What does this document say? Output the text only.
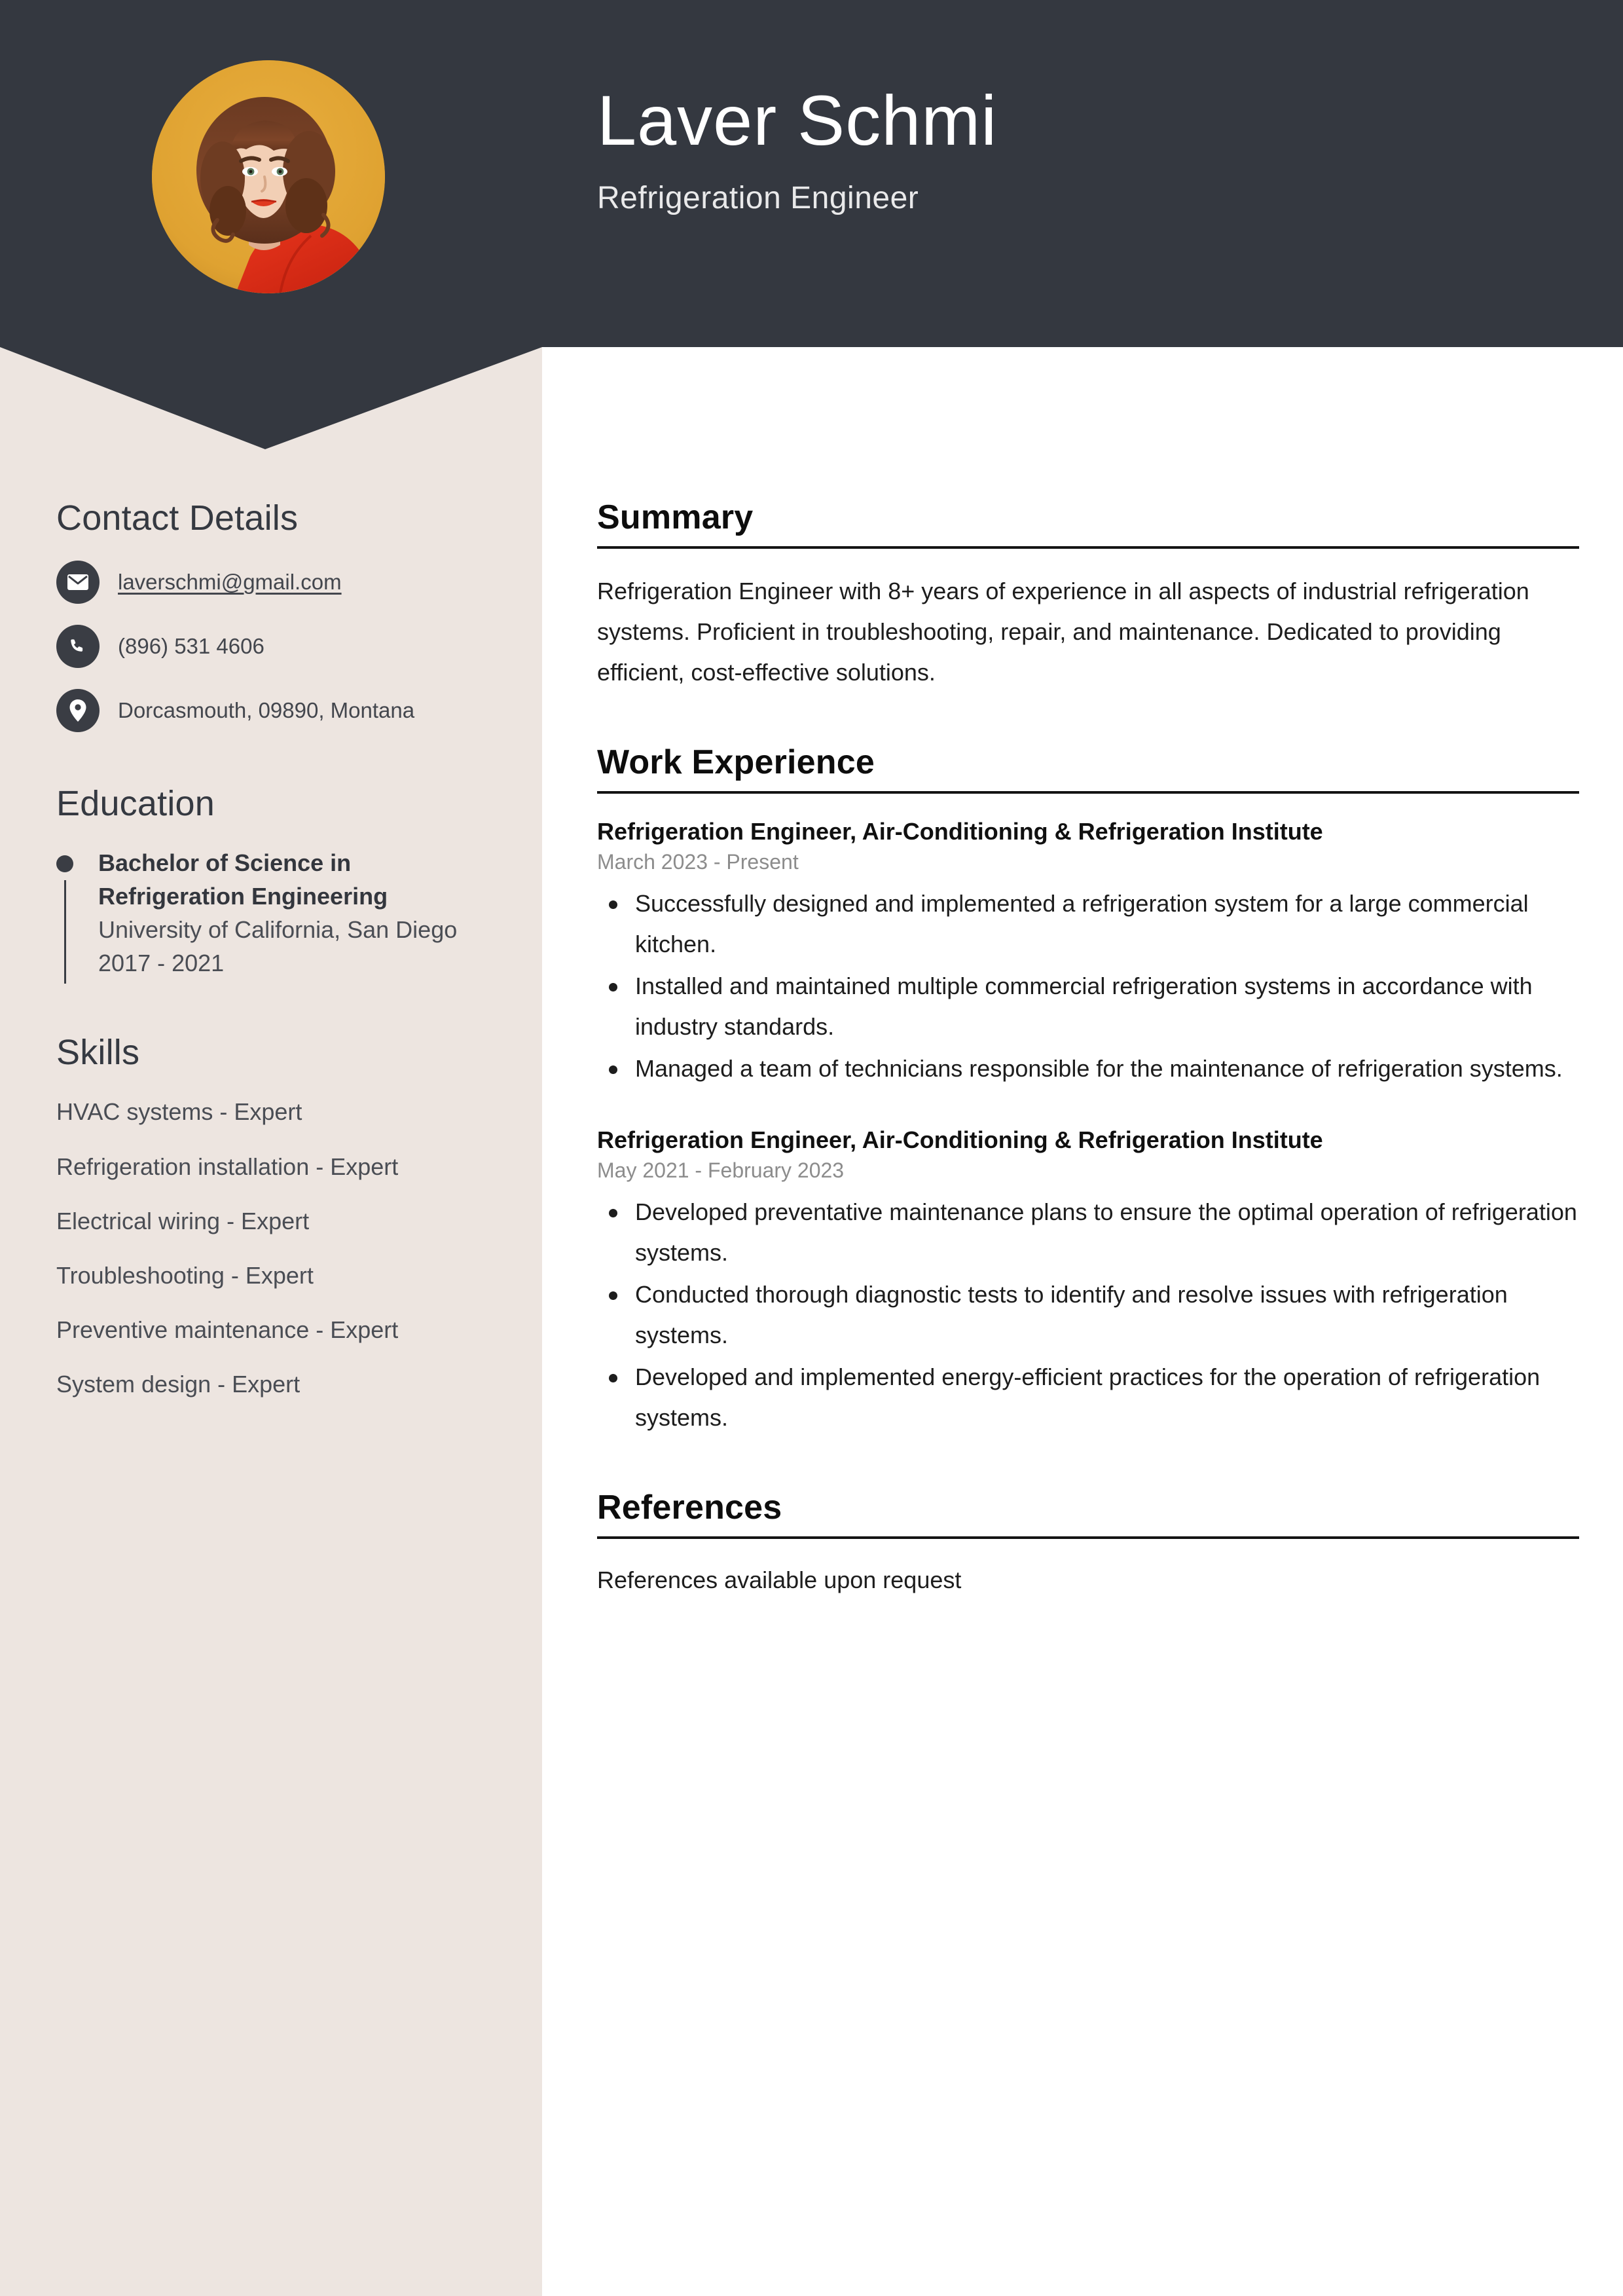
Laver Schmi
Refrigeration Engineer
Contact Details
laverschmi@gmail.com
(896) 531 4606
Dorcasmouth, 09890, Montana
Education
Bachelor of Science in Refrigeration Engineering
University of California, San Diego
2017 - 2021
Skills
HVAC systems - Expert
Refrigeration installation - Expert
Electrical wiring - Expert
Troubleshooting - Expert
Preventive maintenance - Expert
System design - Expert
Summary
Refrigeration Engineer with 8+ years of experience in all aspects of industrial refrigeration systems. Proficient in troubleshooting, repair, and maintenance. Dedicated to providing efficient, cost-effective solutions.
Work Experience
Refrigeration Engineer, Air-Conditioning & Refrigeration Institute
March 2023 - Present
Successfully designed and implemented a refrigeration system for a large commercial kitchen.
Installed and maintained multiple commercial refrigeration systems in accordance with industry standards.
Managed a team of technicians responsible for the maintenance of refrigeration systems.
Refrigeration Engineer, Air-Conditioning & Refrigeration Institute
May 2021 - February 2023
Developed preventative maintenance plans to ensure the optimal operation of refrigeration systems.
Conducted thorough diagnostic tests to identify and resolve issues with refrigeration systems.
Developed and implemented energy-efficient practices for the operation of refrigeration systems.
References
References available upon request
